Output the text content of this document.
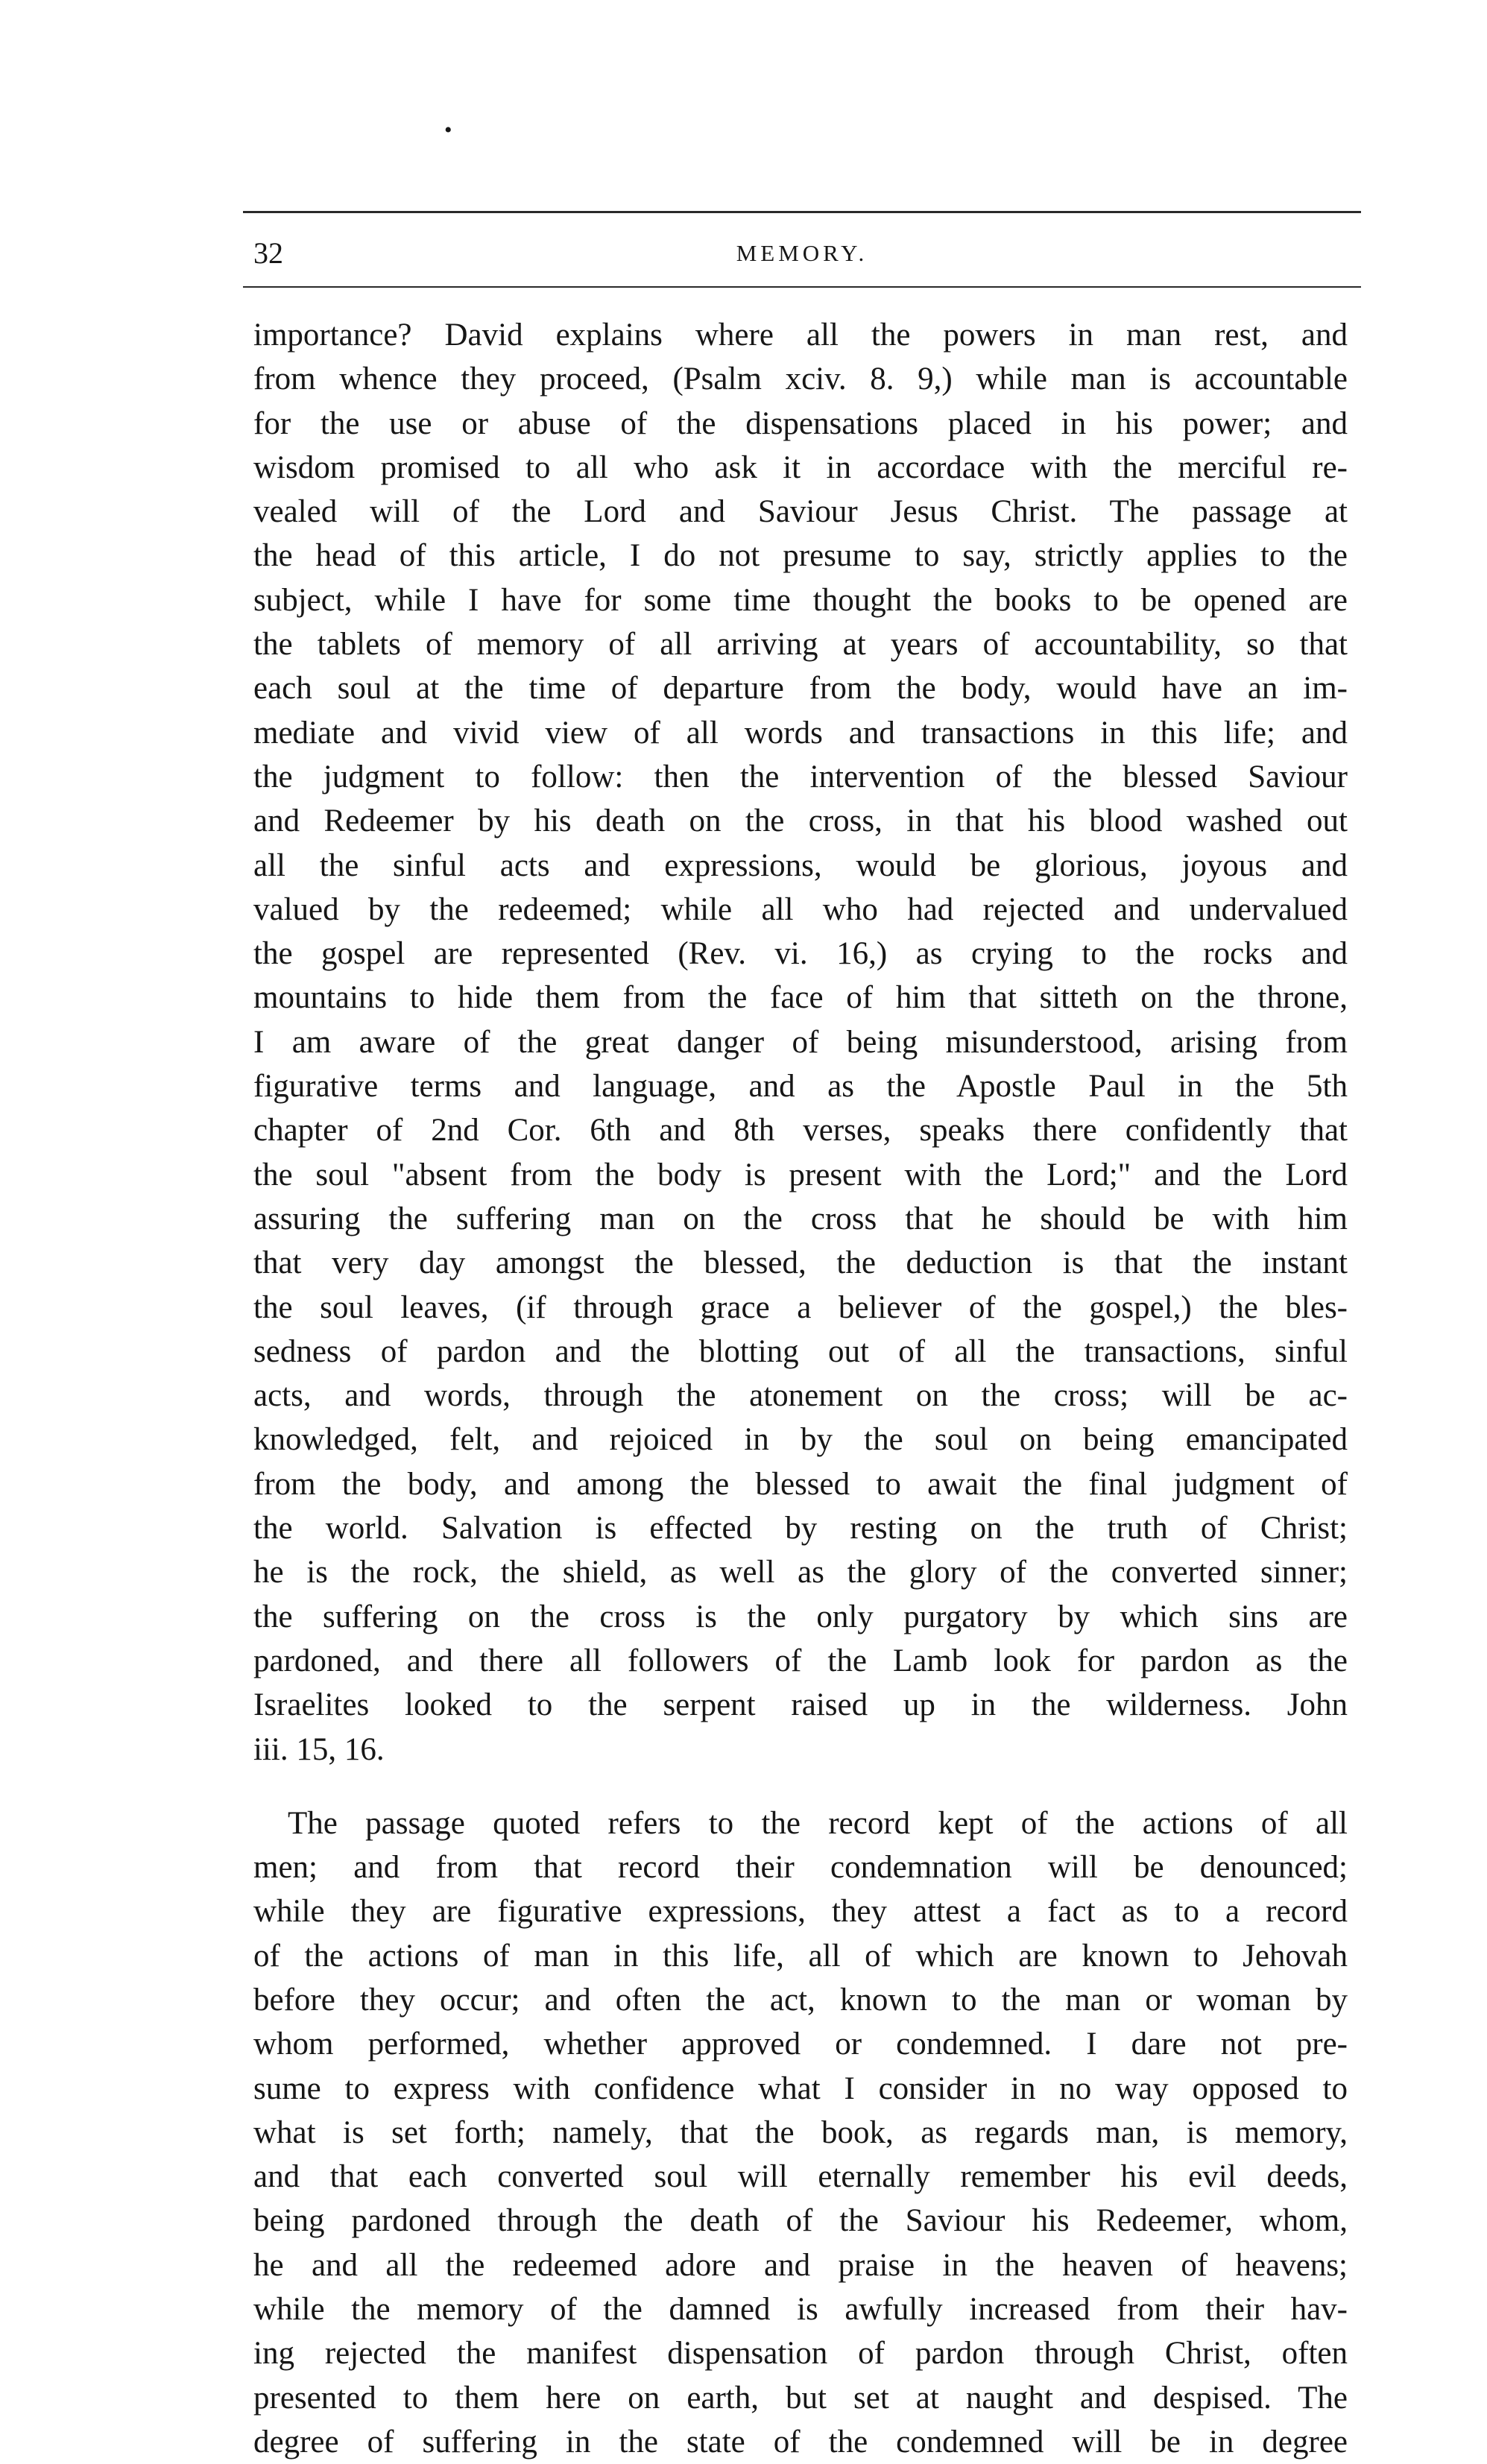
•
32	MEMORY.
importance? David explains where all the powers in man rest, and
from whence they proceed, (Psalm xciv. 8. 9,) while man is accountable
for the use or abuse of the dispensations placed in his power; and
wisdom promised to all who ask it in accordace with the merciful re-
vealed will of the Lord and Saviour Jesus Christ. The passage at
the head of this article, I do not presume to say, strictly applies to the
subject, while I have for some time thought the books to be opened are
the tablets of memory of all arriving at years of accountability, so that
each soul at the time of departure from the body, would have an im-
mediate and vivid view of all words and transactions in this life; and
the judgment to follow: then the intervention of the blessed Saviour
and Redeemer by his death on the cross, in that his blood washed out
all the sinful acts and expressions, would be glorious, joyous and
valued by the redeemed; while all who had rejected and undervalued
the gospel are represented (Rev. vi. 16,) as crying to the rocks and
mountains to hide them from the face of him that sitteth on the throne,
I am aware of the great danger of being misunderstood, arising from
figurative terms and language, and as the Apostle Paul in the 5th
chapter of 2nd Cor. 6th and 8th verses, speaks there confidently that
the soul "absent from the body is present with the Lord;" and the Lord
assuring the suffering man on the cross that he should be with him
that very day amongst the blessed, the deduction is that the instant
the soul leaves, (if through grace a believer of the gospel,) the bles-
sedness of pardon and the blotting out of all the transactions, sinful
acts, and words, through the atonement on the cross; will be ac-
knowledged, felt, and rejoiced in by the soul on being emancipated
from the body, and among the blessed to await the final judgment of
the world. Salvation is effected by resting on the truth of Christ;
he is the rock, the shield, as well as the glory of the converted sinner;
the suffering on the cross is the only purgatory by which sins are
pardoned, and there all followers of the Lamb look for pardon as the
Israelites looked to the serpent raised up in the wilderness. John
iii. 15, 16.
The passage quoted refers to the record kept of the actions of all
men; and from that record their condemnation will be denounced;
while they are figurative expressions, they attest a fact as to a record
of the actions of man in this life, all of which are known to Jehovah
before they occur; and often the act, known to the man or woman by
whom performed, whether approved or condemned. I dare not pre-
sume to express with confidence what I consider in no way opposed to
what is set forth; namely, that the book, as regards man, is memory,
and that each converted soul will eternally remember his evil deeds,
being pardoned through the death of the Saviour his Redeemer, whom,
he and all the redeemed adore and praise in the heaven of heavens;
while the memory of the damned is awfully increased from their hav-
ing rejected the manifest dispensation of pardon through Christ, often
presented to them here on earth, but set at naught and despised. The
degree of suffering in the state of the condemned will be in degree
